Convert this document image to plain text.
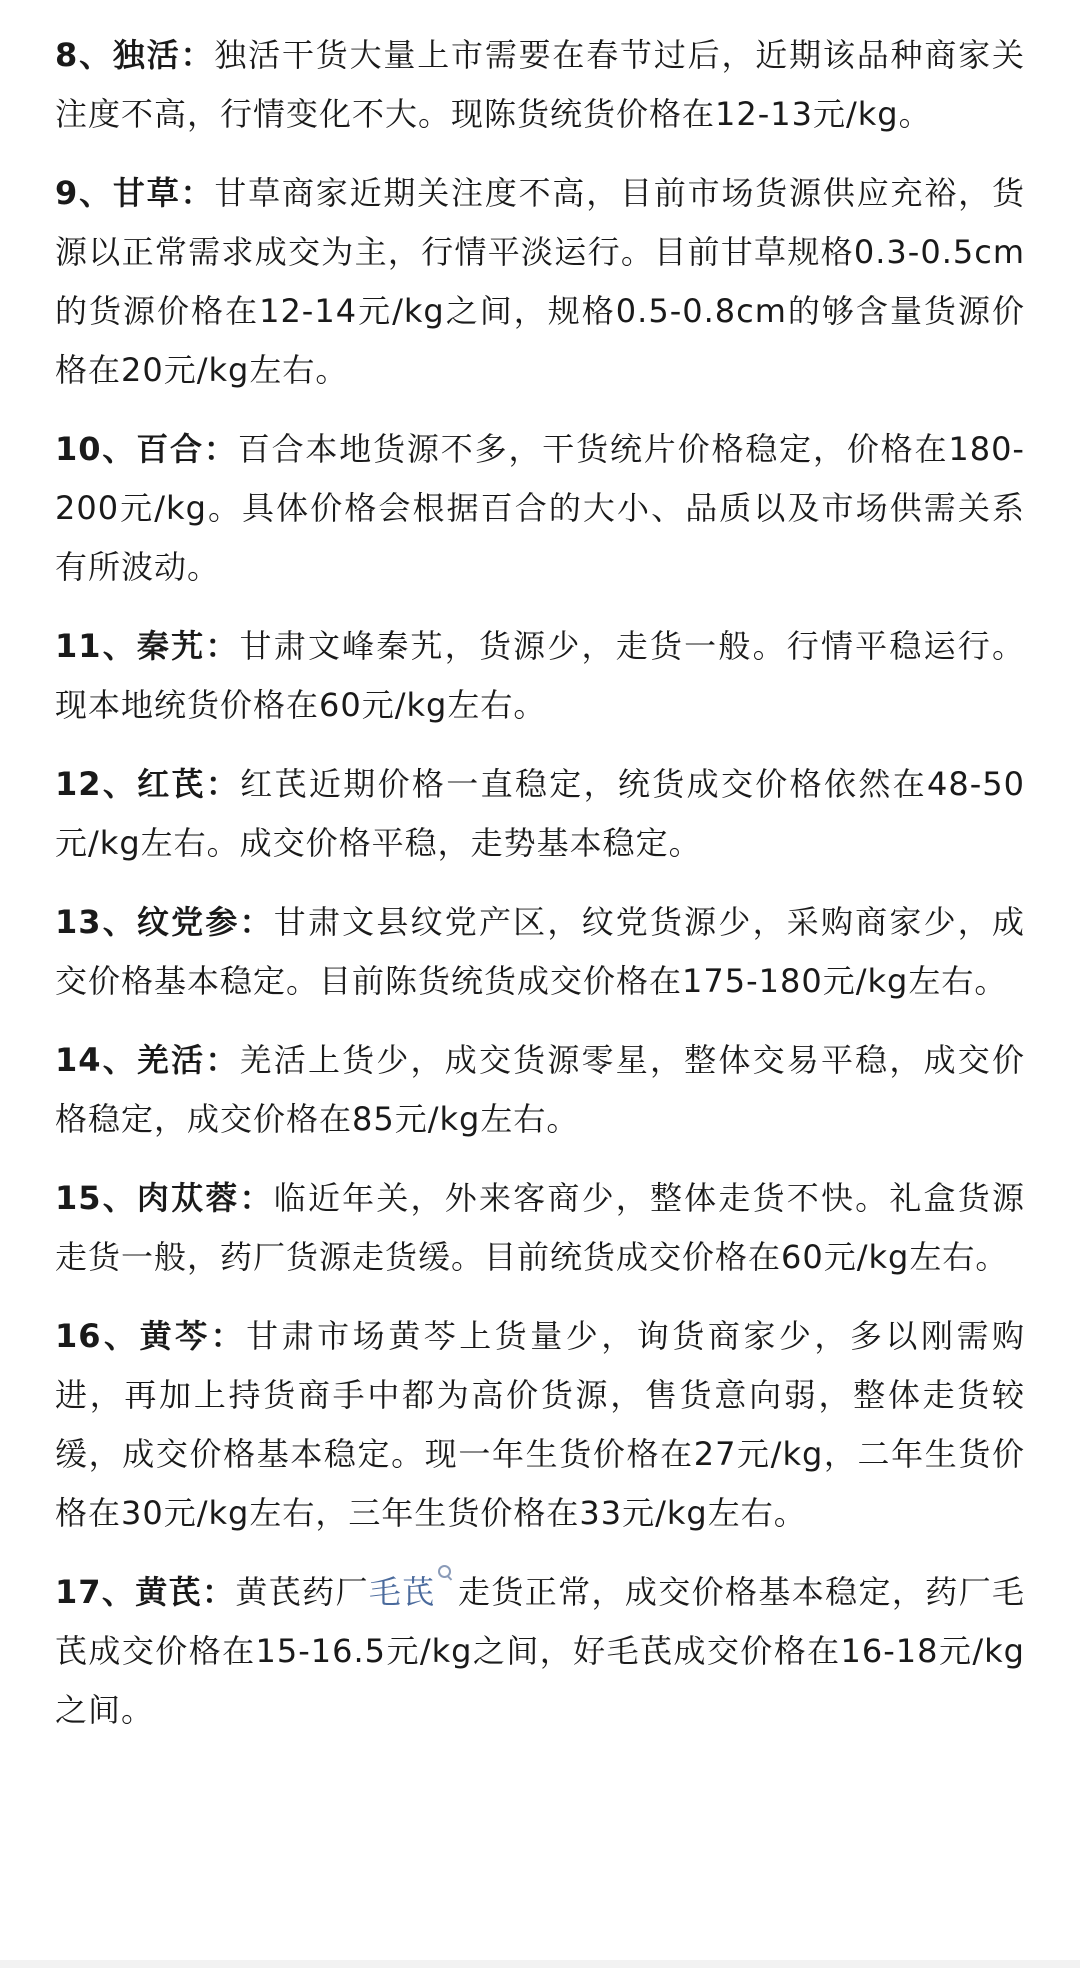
8、独活：独活干货大量上市需要在春节过后，近期该品种商家关注度不高，行情变化不大。现陈货统货价格在12-13元/kg。

9、甘草：甘草商家近期关注度不高，目前市场货源供应充裕，货源以正常需求成交为主，行情平淡运行。目前甘草规格0.3-0.5cm的货源价格在12-14元/kg之间，规格0.5-0.8cm的够含量货源价格在20元/kg左右。

10、百合：百合本地货源不多，干货统片价格稳定，价格在180-200元/kg。具体价格会根据百合的大小、品质以及市场供需关系有所波动。

11、秦艽：甘肃文峰秦艽，货源少，走货一般。行情平稳运行。现本地统货价格在60元/kg左右。

12、红芪：红芪近期价格一直稳定，统货成交价格依然在48-50元/kg左右。成交价格平稳，走势基本稳定。

13、纹党参：甘肃文县纹党产区，纹党货源少，采购商家少，成交价格基本稳定。目前陈货统货成交价格在175-180元/kg左右。

14、羌活：羌活上货少，成交货源零星，整体交易平稳，成交价格稳定，成交价格在85元/kg左右。

15、肉苁蓉：临近年关，外来客商少，整体走货不快。礼盒货源走货一般，药厂货源走货缓。目前统货成交价格在60元/kg左右。

16、黄芩：甘肃市场黄芩上货量少，询货商家少，多以刚需购进，再加上持货商手中都为高价货源，售货意向弱，整体走货较缓，成交价格基本稳定。现一年生货价格在27元/kg，二年生货价格在30元/kg左右，三年生货价格在33元/kg左右。

17、黄芪：黄芪药厂毛芪 走货正常，成交价格基本稳定，药厂毛芪成交价格在15-16.5元/kg之间，好毛芪成交价格在16-18元/kg之间。
